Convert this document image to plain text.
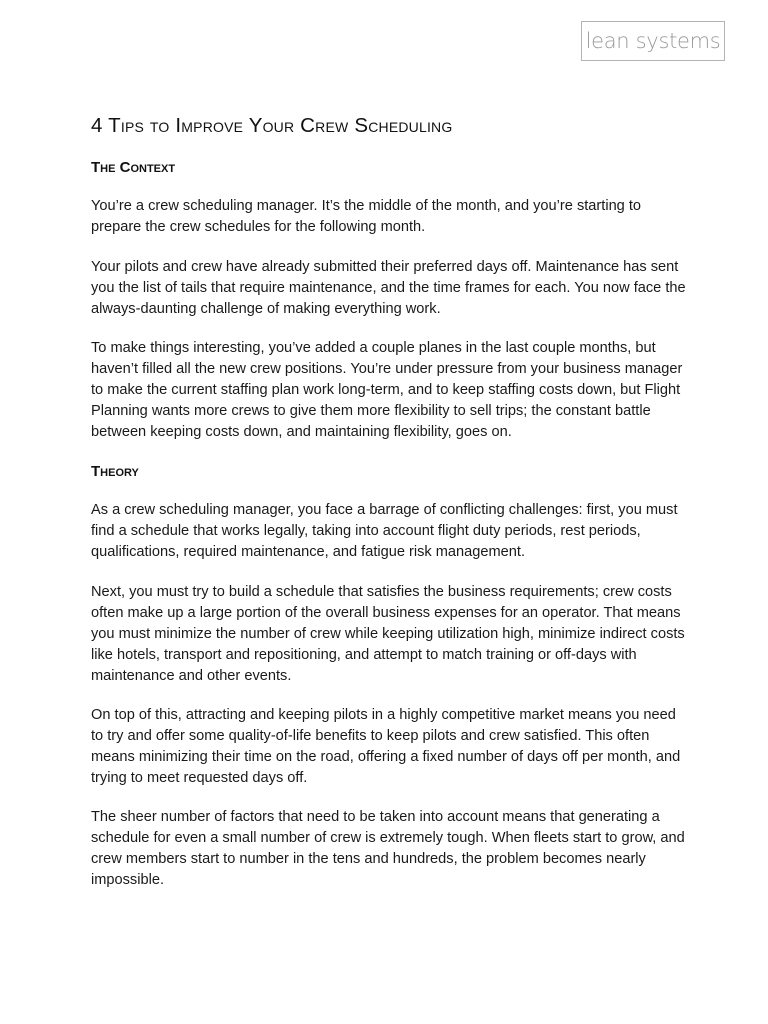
lean systems
4 Tips to Improve Your Crew Scheduling
The Context

You’re a crew scheduling manager. It’s the middle of the month, and you’re starting to prepare the crew schedules for the following month.

Your pilots and crew have already submitted their preferred days off. Maintenance has sent you the list of tails that require maintenance, and the time frames for each. You now face the always-daunting challenge of making everything work.

To make things interesting, you’ve added a couple planes in the last couple months, but haven’t filled all the new crew positions. You’re under pressure from your business manager to make the current staffing plan work long-term, and to keep staffing costs down, but Flight Planning wants more crews to give them more flexibility to sell trips; the constant battle between keeping costs down, and maintaining flexibility, goes on.

Theory

As a crew scheduling manager, you face a barrage of conflicting challenges: first, you must find a schedule that works legally, taking into account flight duty periods, rest periods, qualifications, required maintenance, and fatigue risk management.

Next, you must try to build a schedule that satisfies the business requirements; crew costs often make up a large portion of the overall business expenses for an operator. That means you must minimize the number of crew while keeping utilization high, minimize indirect costs like hotels, transport and repositioning, and attempt to match training or off-days with maintenance and other events.

On top of this, attracting and keeping pilots in a highly competitive market means you need to try and offer some quality-of-life benefits to keep pilots and crew satisfied. This often means minimizing their time on the road, offering a fixed number of days off per month, and trying to meet requested days off.

The sheer number of factors that need to be taken into account means that generating a schedule for even a small number of crew is extremely tough. When fleets start to grow, and crew members start to number in the tens and hundreds, the problem becomes nearly impossible.
